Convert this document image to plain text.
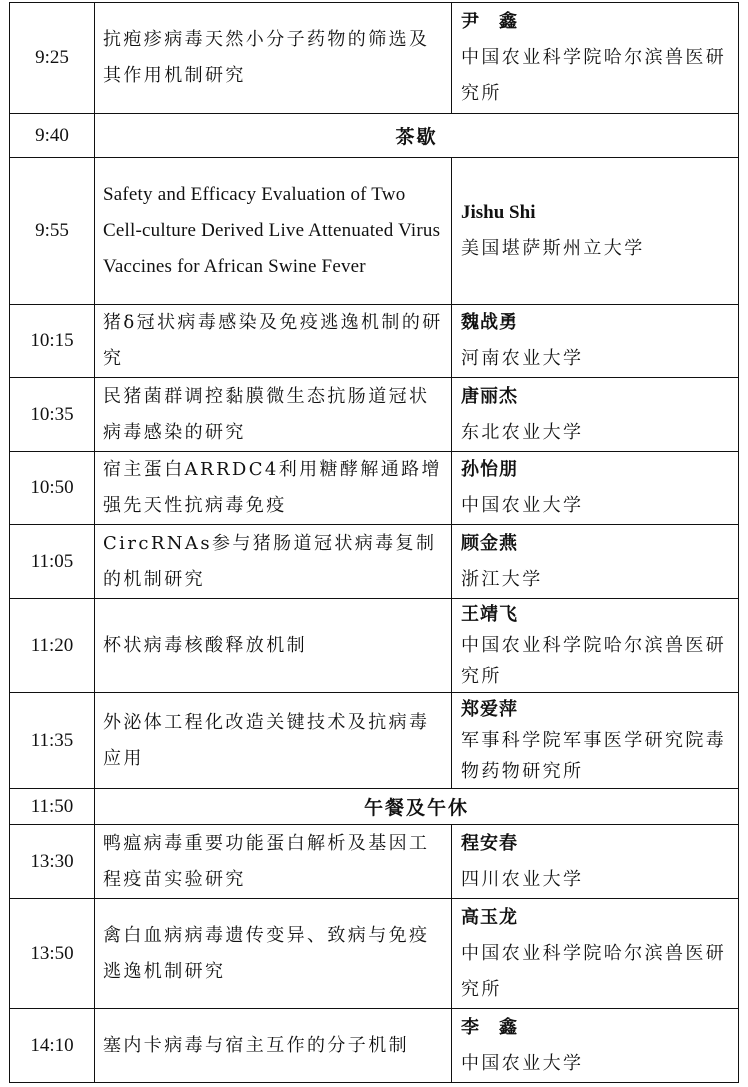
9:25	抗疱疹病毒天然小分子药物的筛选及其作用机制研究	尹　鑫
中国农业科学院哈尔滨兽医研究所

9:40	茶歇	
9:55	Safety and Efficacy Evaluation of Two Cell-culture Derived Live Attenuated Virus Vaccines for African Swine Fever	Jishu Shi
美国堪萨斯州立大学

10:15	猪δ冠状病毒感染及免疫逃逸机制的研究	魏战勇
河南农业大学

10:35	民猪菌群调控黏膜微生态抗肠道冠状病毒感染的研究	唐丽杰
东北农业大学

10:50	宿主蛋白ARRDC4利用糖酵解通路增强先天性抗病毒免疫	孙怡朋
中国农业大学

11:05	CircRNAs参与猪肠道冠状病毒复制的机制研究	顾金燕
浙江大学

11:20	杯状病毒核酸释放机制	王靖飞
中国农业科学院哈尔滨兽医研究所

11:35	外泌体工程化改造关键技术及抗病毒应用	郑爱萍
军事科学院军事医学研究院毒物药物研究所

11:50	午餐及午休	
13:30	鸭瘟病毒重要功能蛋白解析及基因工程疫苗实验研究	程安春
四川农业大学

13:50	禽白血病病毒遗传变异、致病与免疫逃逸机制研究	高玉龙
中国农业科学院哈尔滨兽医研究所

14:10	塞内卡病毒与宿主互作的分子机制	李　鑫
中国农业大学
